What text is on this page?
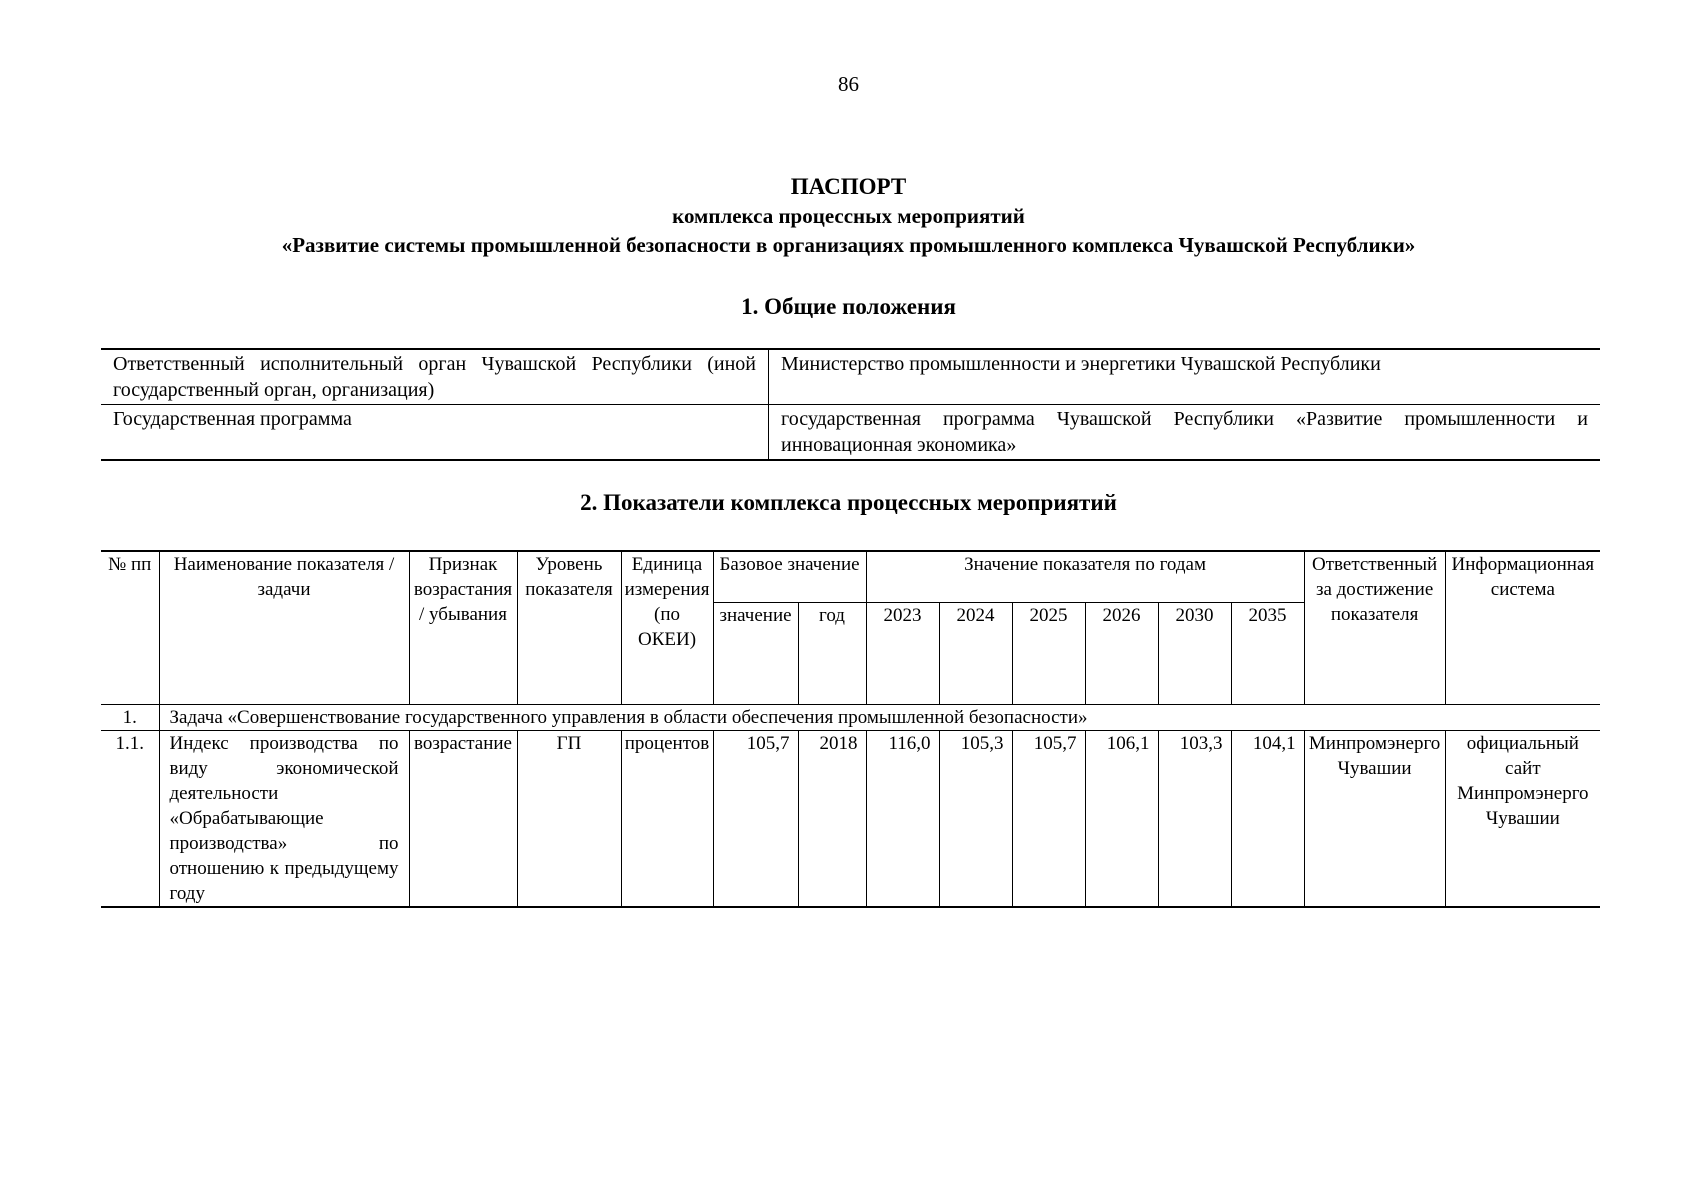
86
ПАСПОРТ
комплекса процессных мероприятий
«Развитие системы промышленной безопасности в организациях промышленного комплекса Чувашской Республики»
1. Общие положения
Ответственный исполнительный орган Чувашской Республики (иной государственный орган, организация)	Министерство промышленности и энергетики Чувашской Республики
Государственная программа	государственная программа Чувашской Республики «Развитие промышленности и инновационная экономика»
2. Показатели комплекса процессных мероприятий
№ пп	Наименование показателя / задачи	Признак возрастания / убывания	Уровень показателя	Единица измерения (по ОКЕИ)	Базовое значение		Значение показателя по годам						Ответственный за достижение показателя	Информационная система
					значение	год	2023	2024	2025	2026	2030	2035		
1.	Задача «Совершенствование государственного управления в области обеспечения промышленной безопасности»													
1.1.	Индекс производства по виду экономической деятельности «Обрабатывающие производства» по отношению к предыдущему году	возрастание	ГП	процентов	105,7	2018	116,0	105,3	105,7	106,1	103,3	104,1	Минпромэнерго Чувашии	официальный сайт Минпромэнерго Чувашии
